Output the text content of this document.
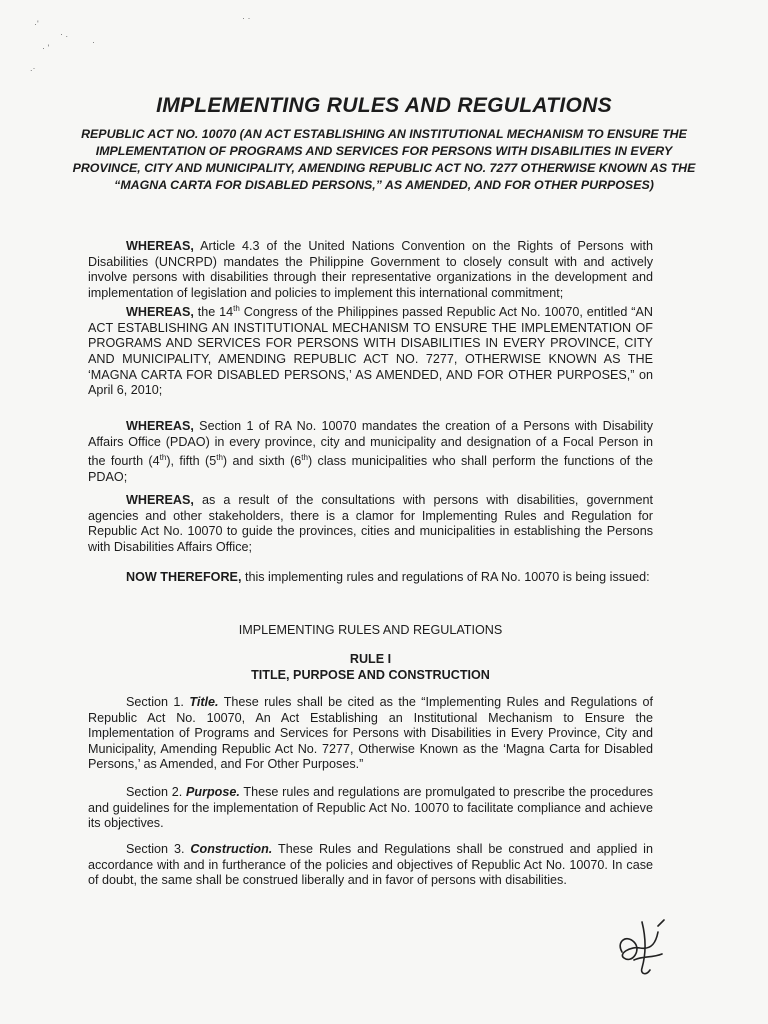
·'
· .
· '
·
.·
· ·
IMPLEMENTING RULES AND REGULATIONS

REPUBLIC ACT NO. 10070 (AN ACT ESTABLISHING AN INSTITUTIONAL MECHANISM TO ENSURE THE IMPLEMENTATION OF PROGRAMS AND SERVICES FOR PERSONS WITH DISABILITIES IN EVERY PROVINCE, CITY AND MUNICIPALITY, AMENDING REPUBLIC ACT NO. 7277 OTHERWISE KNOWN AS THE “MAGNA CARTA FOR DISABLED PERSONS,” AS AMENDED, AND FOR OTHER PURPOSES)

WHEREAS, Article 4.3 of the United Nations Convention on the Rights of Persons with Disabilities (UNCRPD) mandates the Philippine Government to closely consult with and actively involve persons with disabilities through their representative organizations in the development and implementation of legislation and policies to implement this international commitment;

WHEREAS, the 14th Congress of the Philippines passed Republic Act No. 10070, entitled “AN ACT ESTABLISHING AN INSTITUTIONAL MECHANISM TO ENSURE THE IMPLEMENTATION OF PROGRAMS AND SERVICES FOR PERSONS WITH DISABILITIES IN EVERY PROVINCE, CITY AND MUNICIPALITY, AMENDING REPUBLIC ACT NO. 7277, OTHERWISE KNOWN AS THE ‘MAGNA CARTA FOR DISABLED PERSONS,’ AS AMENDED, AND FOR OTHER PURPOSES,” on April 6, 2010;

WHEREAS, Section 1 of RA No. 10070 mandates the creation of a Persons with Disability Affairs Office (PDAO) in every province, city and municipality and designation of a Focal Person in the fourth (4th), fifth (5th) and sixth (6th) class municipalities who shall perform the functions of the PDAO;

WHEREAS, as a result of the consultations with persons with disabilities, government agencies and other stakeholders, there is a clamor for Implementing Rules and Regulation for Republic Act No. 10070 to guide the provinces, cities and municipalities in establishing the Persons with Disabilities Affairs Office;

NOW THEREFORE, this implementing rules and regulations of RA No. 10070 is being issued:

IMPLEMENTING RULES AND REGULATIONS

RULE I

TITLE, PURPOSE AND CONSTRUCTION

Section 1. Title. These rules shall be cited as the “Implementing Rules and Regulations of Republic Act No. 10070, An Act Establishing an Institutional Mechanism to Ensure the Implementation of Programs and Services for Persons with Disabilities in Every Province, City and Municipality, Amending Republic Act No. 7277, Otherwise Known as the ‘Magna Carta for Disabled Persons,’ as Amended, and For Other Purposes.”

Section 2. Purpose. These rules and regulations are promulgated to prescribe the procedures and guidelines for the implementation of Republic Act No. 10070 to facilitate compliance and achieve its objectives.

Section 3. Construction. These Rules and Regulations shall be construed and applied in accordance with and in furtherance of the policies and objectives of Republic Act No. 10070. In case of doubt, the same shall be construed liberally and in favor of persons with disabilities.
